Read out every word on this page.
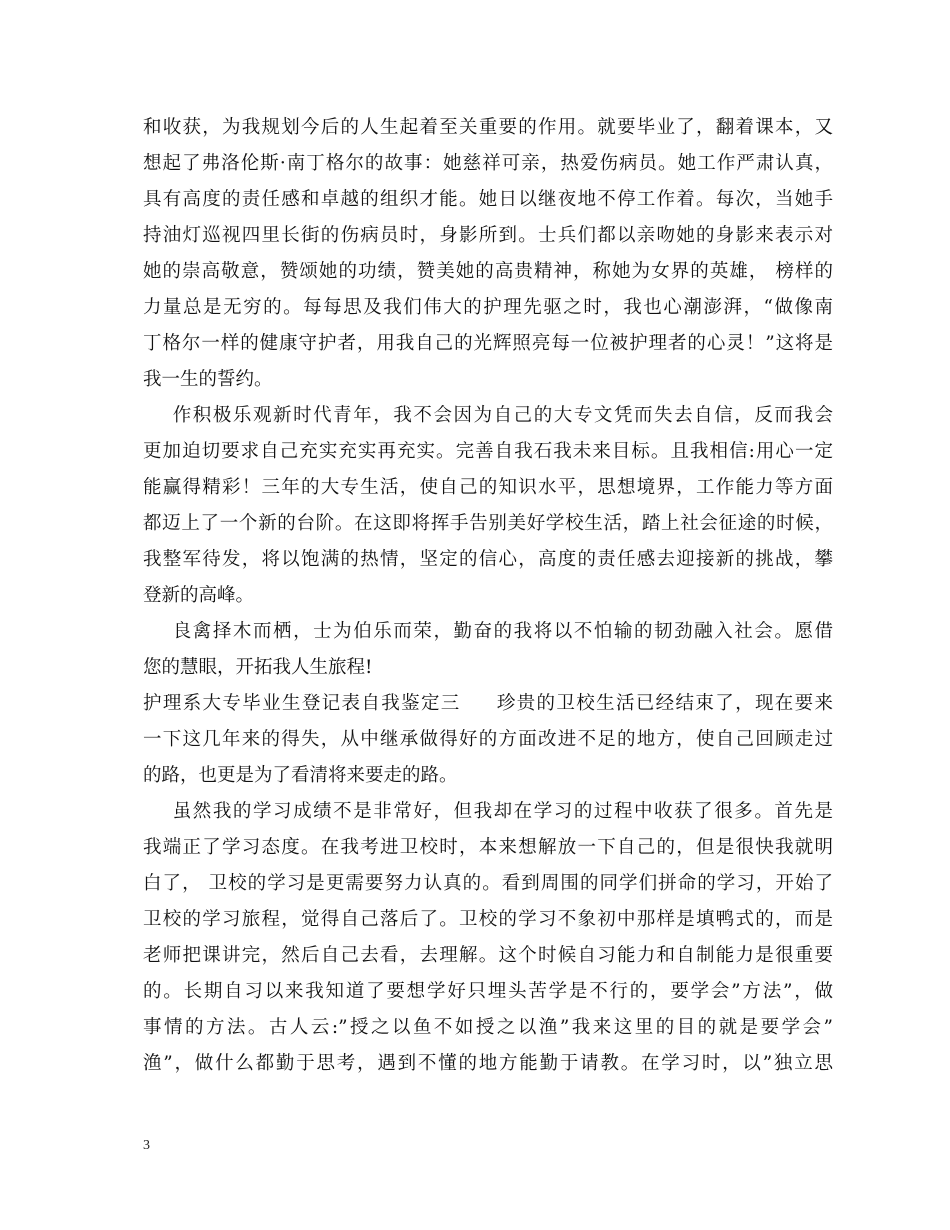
和收获，为我规划今后的人生起着至关重要的作用。就要毕业了，翻着课本，又
想起了弗洛伦斯·南丁格尔的故事：她慈祥可亲，热爱伤病员。她工作严肃认真，
具有高度的责任感和卓越的组织才能。她日以继夜地不停工作着。每次，当她手
持油灯巡视四里长街的伤病员时，身影所到。士兵们都以亲吻她的身影来表示对
她的崇高敬意，赞颂她的功绩，赞美她的高贵精神，称她为女界的英雄， 榜样的
力量总是无穷的。每每思及我们伟大的护理先驱之时，我也心潮澎湃，“做像南
丁格尔一样的健康守护者，用我自己的光辉照亮每一位被护理者的心灵！”这将是
我一生的誓约。
作积极乐观新时代青年，我不会因为自己的大专文凭而失去自信，反而我会
更加迫切要求自己充实充实再充实。完善自我石我未来目标。且我相信:用心一定
能赢得精彩！三年的大专生活，使自己的知识水平，思想境界，工作能力等方面
都迈上了一个新的台阶。在这即将挥手告别美好学校生活，踏上社会征途的时候，
我整军待发，将以饱满的热情，坚定的信心，高度的责任感去迎接新的挑战，攀
登新的高峰。
良禽择木而栖，士为伯乐而荣，勤奋的我将以不怕输的韧劲融入社会。愿借
您的慧眼，开拓我人生旅程!
护理系大专毕业生登记表自我鉴定三     珍贵的卫校生活已经结束了，现在要来
一下这几年来的得失，从中继承做得好的方面改进不足的地方，使自己回顾走过
的路，也更是为了看清将来要走的路。
虽然我的学习成绩不是非常好，但我却在学习的过程中收获了很多。首先是
我端正了学习态度。在我考进卫校时，本来想解放一下自己的，但是很快我就明
白了， 卫校的学习是更需要努力认真的。看到周围的同学们拼命的学习，开始了
卫校的学习旅程，觉得自己落后了。卫校的学习不象初中那样是填鸭式的，而是
老师把课讲完，然后自己去看，去理解。这个时候自习能力和自制能力是很重要
的。长期自习以来我知道了要想学好只埋头苦学是不行的，要学会”方法”，做
事情的方法。古人云:”授之以鱼不如授之以渔”我来这里的目的就是要学会”
渔”，做什么都勤于思考，遇到不懂的地方能勤于请教。在学习时，以”独立思
3
